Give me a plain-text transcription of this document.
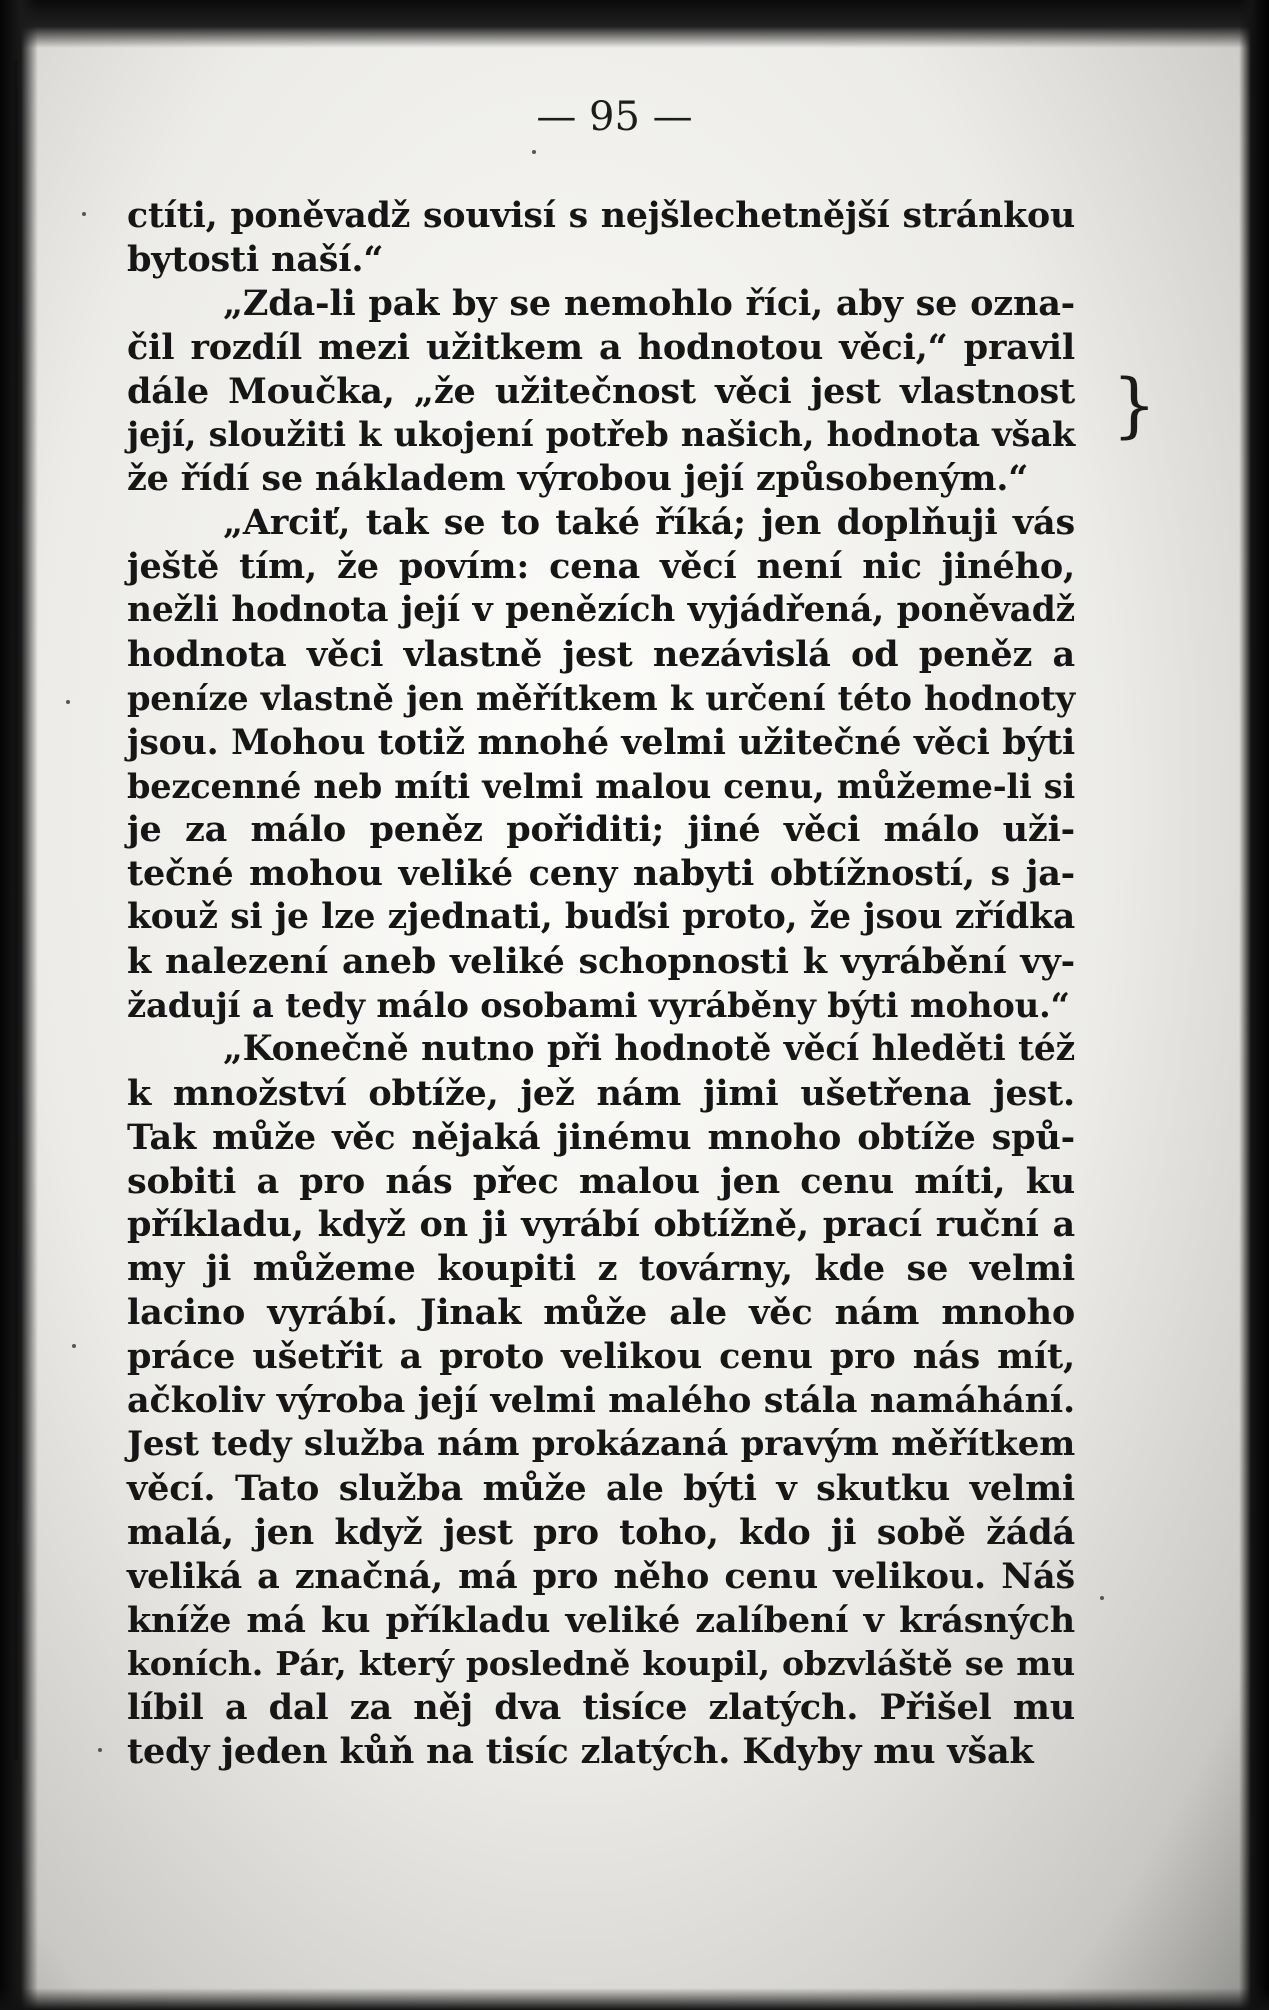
— 95 —
ctíti, poněvadž souvisí s nejšlechetnější stránkou
bytosti naší.“
„Zda-li pak by se nemohlo říci, aby se ozna-
čil rozdíl mezi užitkem a hodnotou věci,“ pravil
dále Moučka, „že užitečnost věci jest vlastnost
její, sloužiti k ukojení potřeb našich, hodnota však
že řídí se nákladem výrobou její způsobeným.“
„Arciť, tak se to také říká; jen doplňuji vás
ještě tím, že povím: cena věcí není nic jiného,
nežli hodnota její v penězích vyjádřená, poněvadž
hodnota věci vlastně jest nezávislá od peněz a
peníze vlastně jen měřítkem k určení této hodnoty
jsou. Mohou totiž mnohé velmi užitečné věci býti
bezcenné neb míti velmi malou cenu, můžeme-li si
je za málo peněz pořiditi; jiné věci málo uži-
tečné mohou veliké ceny nabyti obtížností, s ja-
kouž si je lze zjednati, buďsi proto, že jsou zřídka
k nalezení aneb veliké schopnosti k vyrábění vy-
žadují a tedy málo osobami vyráběny býti mohou.“
„Konečně nutno při hodnotě věcí hleděti též
k množství obtíže, jež nám jimi ušetřena jest.
Tak může věc nějaká jinému mnoho obtíže spů-
sobiti a pro nás přec malou jen cenu míti, ku
příkladu, když on ji vyrábí obtížně, prací ruční a
my ji můžeme koupiti z továrny, kde se velmi
lacino vyrábí. Jinak může ale věc nám mnoho
práce ušetřit a proto velikou cenu pro nás mít,
ačkoliv výroba její velmi malého stála namáhání.
Jest tedy služba nám prokázaná pravým měřítkem
věcí. Tato služba může ale býti v skutku velmi
malá, jen když jest pro toho, kdo ji sobě žádá
veliká a značná, má pro něho cenu velikou. Náš
kníže má ku příkladu veliké zalíbení v krásných
koních. Pár, který posledně koupil, obzvláště se mu
líbil a dal za něj dva tisíce zlatých. Přišel mu
tedy jeden kůň na tisíc zlatých. Kdyby mu však
}
